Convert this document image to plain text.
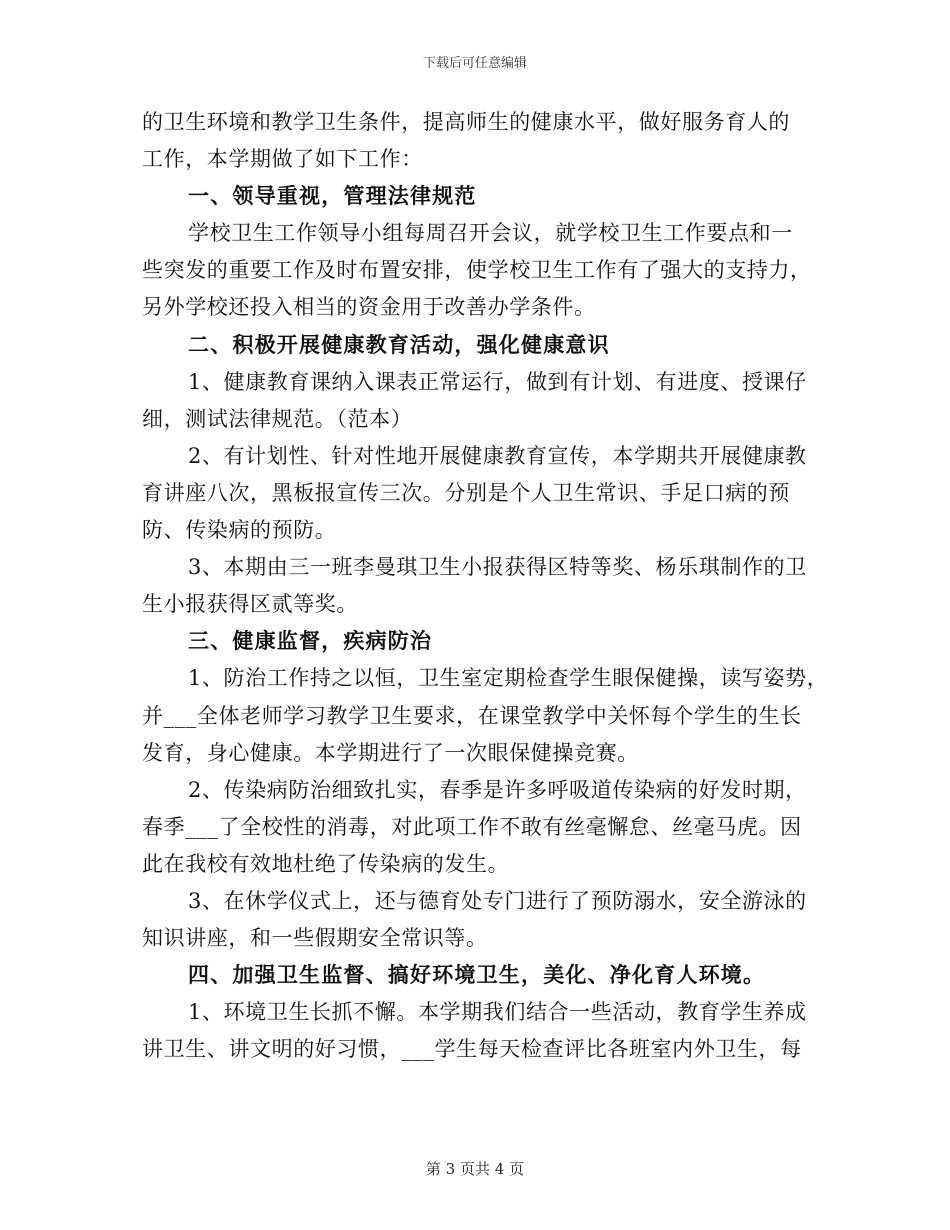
下载后可任意编辑
的卫生环境和教学卫生条件，提高师生的健康水平，做好服务育人的
工作，本学期做了如下工作：
一、领导重视，管理法律规范
学校卫生工作领导小组每周召开会议，就学校卫生工作要点和一
些突发的重要工作及时布置安排，使学校卫生工作有了强大的支持力，
另外学校还投入相当的资金用于改善办学条件。
二、积极开展健康教育活动，强化健康意识
1、健康教育课纳入课表正常运行，做到有计划、有进度、授课仔
细，测试法律规范。（范本）
2、有计划性、针对性地开展健康教育宣传，本学期共开展健康教
育讲座八次，黑板报宣传三次。分别是个人卫生常识、手足口病的预
防、传染病的预防。
3、本期由三一班李曼琪卫生小报获得区特等奖、杨乐琪制作的卫
生小报获得区贰等奖。
三、健康监督，疾病防治
1、防治工作持之以恒，卫生室定期检查学生眼保健操，读写姿势，
并___全体老师学习教学卫生要求，在课堂教学中关怀每个学生的生长
发育，身心健康。本学期进行了一次眼保健操竞赛。
2、传染病防治细致扎实，春季是许多呼吸道传染病的好发时期，
春季___了全校性的消毒，对此项工作不敢有丝毫懈怠、丝毫马虎。因
此在我校有效地杜绝了传染病的发生。
3、在休学仪式上，还与德育处专门进行了预防溺水，安全游泳的
知识讲座，和一些假期安全常识等。
四、加强卫生监督、搞好环境卫生，美化、净化育人环境。
1、环境卫生长抓不懈。本学期我们结合一些活动，教育学生养成
讲卫生、讲文明的好习惯，___学生每天检查评比各班室内外卫生，每
第 3 页共 4 页
